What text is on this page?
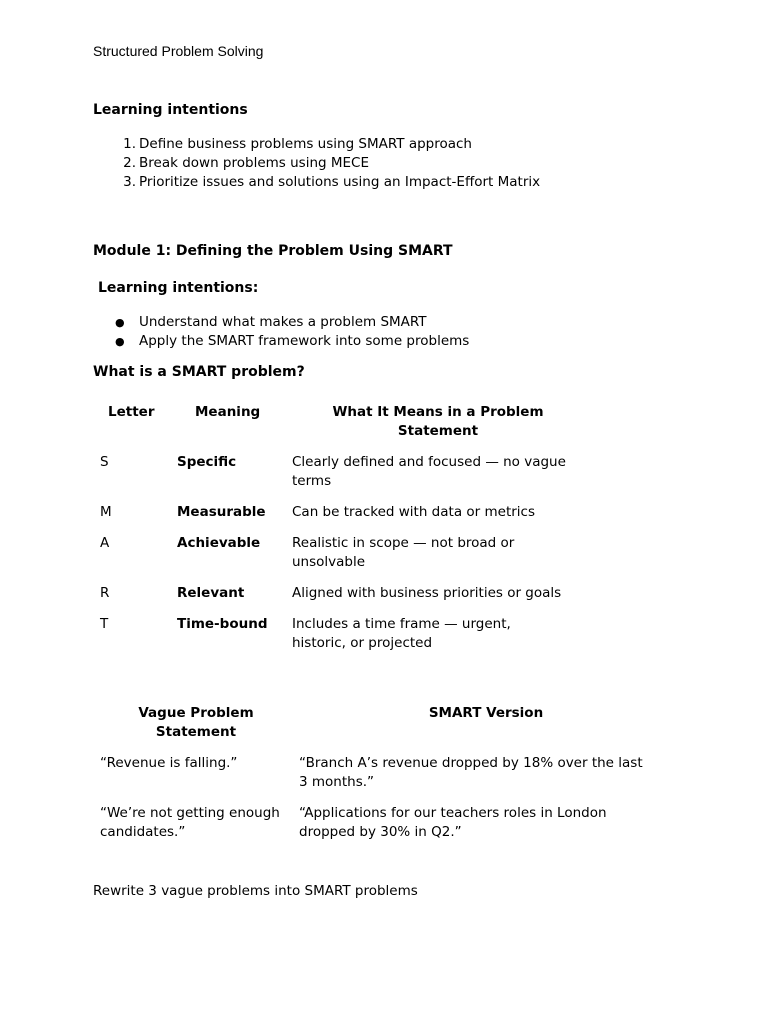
Structured Problem Solving
Learning intentions
1. Define business problems using SMART approach
2. Break down problems using MECE
3. Prioritize issues and solutions using an Impact-Effort Matrix
Module 1: Defining the Problem Using SMART
Learning intentions:
● Understand what makes a problem SMART
● Apply the SMART framework into some problems
What is a SMART problem?
Letter	Meaning	What It Means in a Problem
Statement
S	Specific	Clearly defined and focused — no vague
terms
M	Measurable	Can be tracked with data or metrics
A	Achievable	Realistic in scope — not broad or
unsolvable
R	Relevant	Aligned with business priorities or goals
T	Time-bound	Includes a time frame — urgent,
historic, or projected
Vague Problem
Statement	SMART Version
“Revenue is falling.”	“Branch A’s revenue dropped by 18% over the last
3 months.”
“We’re not getting enough
candidates.”	“Applications for our teachers roles in London
dropped by 30% in Q2.”
Rewrite 3 vague problems into SMART problems
